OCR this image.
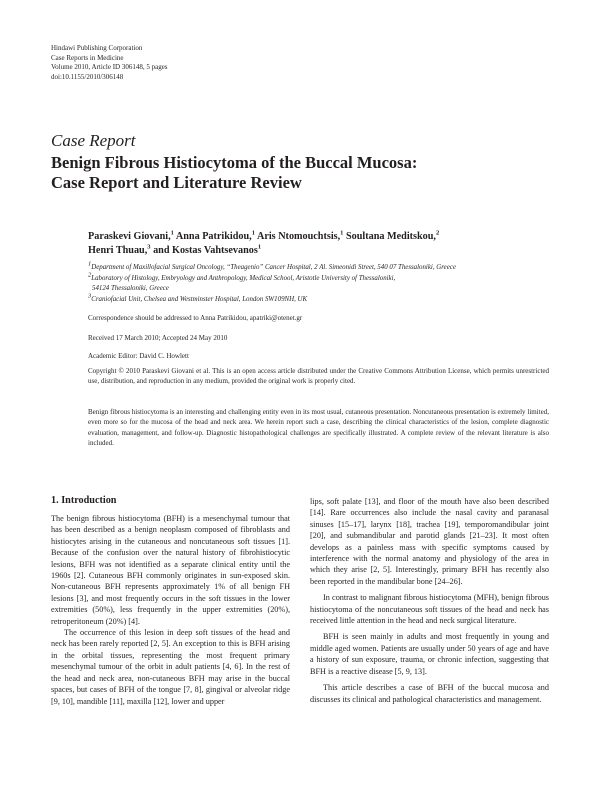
Hindawi Publishing Corporation
Case Reports in Medicine
Volume 2010, Article ID 306148, 5 pages
doi:10.1155/2010/306148
Case Report
Benign Fibrous Histiocytoma of the Buccal Mucosa:
Case Report and Literature Review
Paraskevi Giovani,$^1$ Anna Patrikidou,$^1$ Aris Ntomouchtsis,$^1$ Soultana Meditskou,$^2$
Henri Thuau,$^3$ and Kostas Vahtsevanos$^1$
$^1$Department of Maxillofacial Surgical Oncology, “Theagenio” Cancer Hospital, 2 Al. Simeonidi Street, 540 07 Thessaloniki, Greece
$^2$Laboratory of Histology, Embryology and Anthropology, Medical School, Aristotle University of Thessaloniki,
54124 Thessaloniki, Greece
$^3$Craniofacial Unit, Chelsea and Westminster Hospital, London SW109NH, UK
Correspondence should be addressed to Anna Patrikidou, apatriki@otenet.gr
Received 17 March 2010; Accepted 24 May 2010
Academic Editor: David C. Howlett
Copyright © 2010 Paraskevi Giovani et al. This is an open access article distributed under the Creative Commons Attribution License, which permits unrestricted use, distribution, and reproduction in any medium, provided the original work is properly cited.
Benign fibrous histiocytoma is an interesting and challenging entity even in its most usual, cutaneous presentation. Noncutaneous presentation is extremely limited, even more so for the mucosa of the head and neck area. We herein report such a case, describing the clinical characteristics of the lesion, complete diagnostic evaluation, management, and follow-up. Diagnostic histopathological challenges are specifically illustrated. A complete review of the relevant literature is also included.
1. Introduction

The benign fibrous histiocytoma (BFH) is a mesenchymal tumour that has been described as a benign neoplasm composed of fibroblasts and histiocytes arising in the cutaneous and noncutaneous soft tissues [1]. Because of the confusion over the natural history of fibrohistiocytic lesions, BFH was not identified as a separate clinical entity until the 1960s [2]. Cutaneous BFH commonly originates in sun-exposed skin. Non-cutaneous BFH represents approximately 1% of all benign FH lesions [3], and most frequently occurs in the soft tissues in the lower extremities (50%), less frequently in the upper extremities (20%), retroperitoneum (20%) [4].

The occurrence of this lesion in deep soft tissues of the head and neck has been rarely reported [2, 5]. An exception to this is BFH arising in the orbital tissues, representing the most frequent primary mesenchymal tumour of the orbit in adult patients [4, 6]. In the rest of the head and neck area, non-cutaneous BFH may arise in the buccal spaces, but cases of BFH of the tongue [7, 8], gingival or alveolar ridge [9, 10], mandible [11], maxilla [12], lower and upper

lips, soft palate [13], and floor of the mouth have also been described [14]. Rare occurrences also include the nasal cavity and paranasal sinuses [15–17], larynx [18], trachea [19], temporomandibular joint [20], and submandibular and parotid glands [21–23]. It most often develops as a painless mass with specific symptoms caused by interference with the normal anatomy and physiology of the area in which they arise [2, 5]. Interestingly, primary BFH has recently also been reported in the mandibular bone [24–26].

In contrast to malignant fibrous histiocytoma (MFH), benign fibrous histiocytoma of the noncutaneous soft tissues of the head and neck has received little attention in the head and neck surgical literature.

BFH is seen mainly in adults and most frequently in young and middle aged women. Patients are usually under 50 years of age and have a history of sun exposure, trauma, or chronic infection, suggesting that BFH is a reactive disease [5, 9, 13].

This article describes a case of BFH of the buccal mucosa and discusses its clinical and pathological characteristics and management.
